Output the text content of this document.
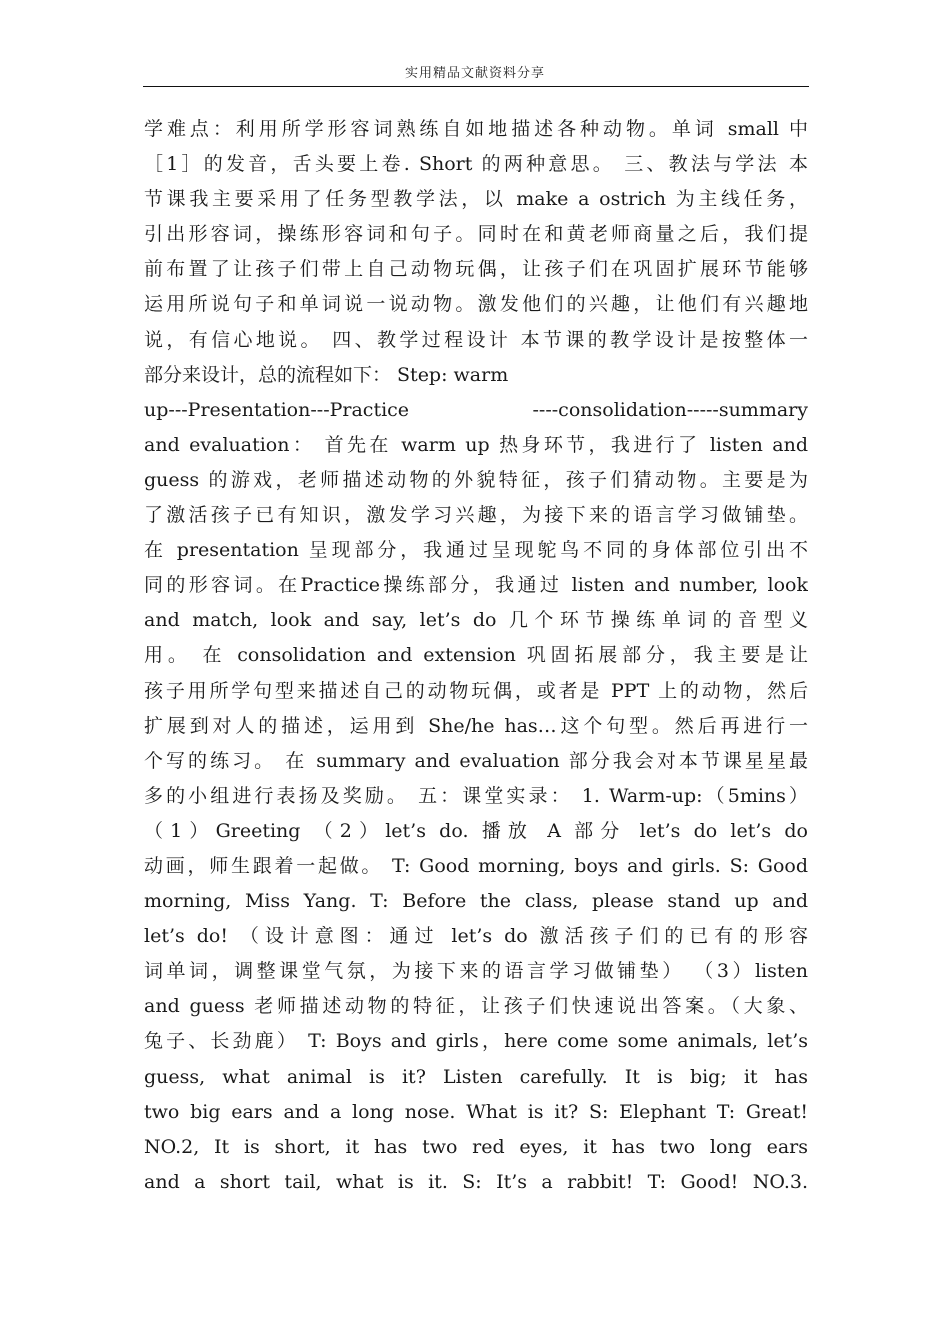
实用精品文献资料分享
学难点：利用所学形容词熟练自如地描述各种动物。单词 small 中
［1］的发音，舌头要上卷. Short 的两种意思。 三、教法与学法 本
节课我主要采用了任务型教学法，以 make a ostrich 为主线任务，
引出形容词，操练形容词和句子。同时在和黄老师商量之后，我们提
前布置了让孩子们带上自己动物玩偶，让孩子们在巩固扩展环节能够
运用所说句子和单词说一说动物。激发他们的兴趣，让他们有兴趣地
说，有信心地说。 四、教学过程设计 本节课的教学设计是按整体一
部分来设计，总的流程如下： Step: warm
up---Presentation---Practice ----consolidation-----summary
and evaluation： 首先在 warm up 热身环节，我进行了 listen and
guess 的游戏，老师描述动物的外貌特征，孩子们猜动物。主要是为
了激活孩子已有知识，激发学习兴趣，为接下来的语言学习做铺垫。
在 presentation 呈现部分，我通过呈现鸵鸟不同的身体部位引出不
同的形容词。在Practice操练部分，我通过 listen and number, look
and match, look and say, let’s do 几个环节操练单词的音型义
用。 在 consolidation and extension 巩固拓展部分，我主要是让
孩子用所学句型来描述自己的动物玩偶，或者是 PPT 上的动物，然后
扩展到对人的描述，运用到 She/he has…这个句型。然后再进行一
个写的练习。 在 summary and evaluation 部分我会对本节课星星最
多的小组进行表扬及奖励。 五：课堂实录： 1. Warm-up:（5mins）
（1）Greeting （2）let’s do. 播放 A 部分 let’s do let’s do
动画，师生跟着一起做。 T: Good morning, boys and girls. S: Good
morning, Miss Yang. T: Before the class, please stand up and
let’s do! （设计意图：通过 let’s do 激活孩子们的已有的形容
词单词，调整课堂气氛，为接下来的语言学习做铺垫） （3）listen
and guess 老师描述动物的特征，让孩子们快速说出答案。（大象、
兔子、长劲鹿） T: Boys and girls，here come some animals, let’s
guess, what animal is it? Listen carefully. It is big; it has
two big ears and a long nose. What is it? S: Elephant T: Great!
NO.2, It is short, it has two red eyes, it has two long ears
and a short tail, what is it. S: It’s a rabbit! T: Good! NO.3.
